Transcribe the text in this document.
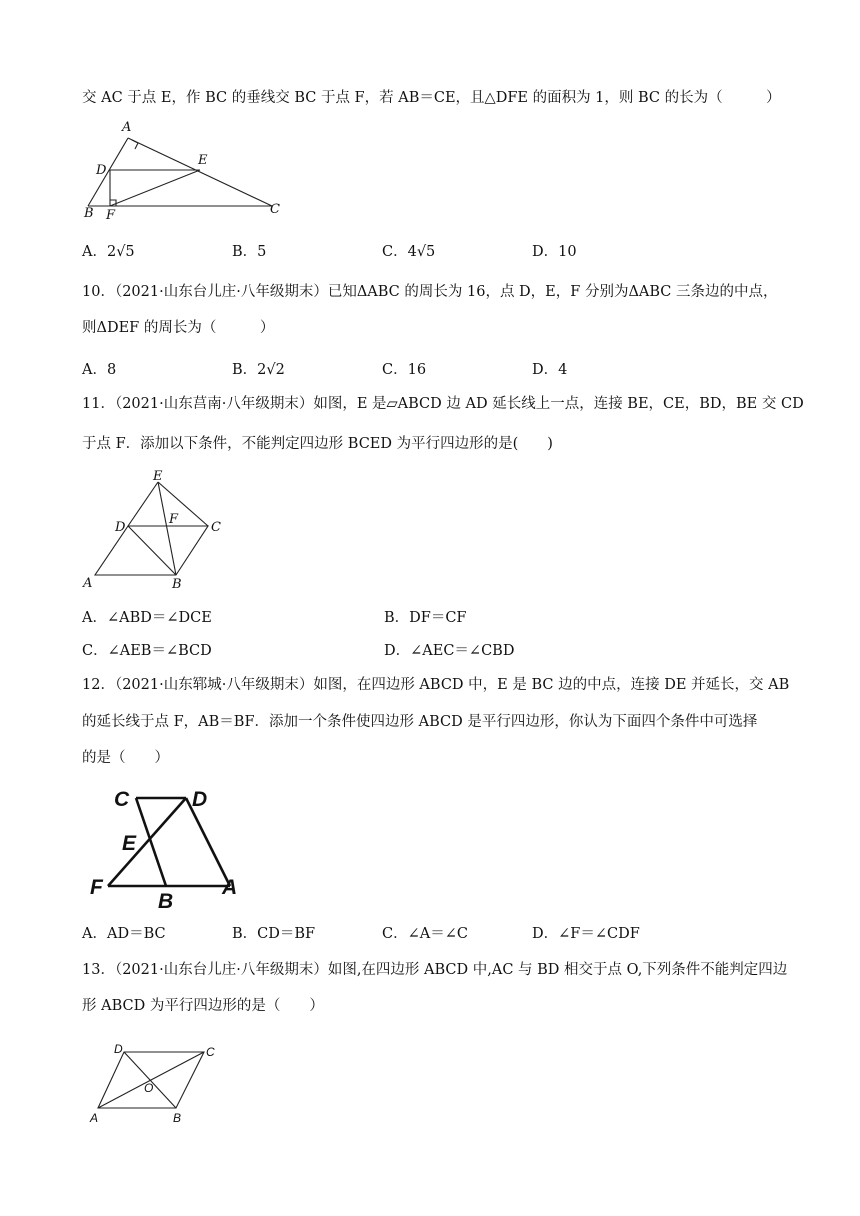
交 AC 于点 E，作 BC 的垂线交 BC 于点 F，若 AB＝CE，且△DFE 的面积为 1，则 BC 的长为（　　　）
A
D
E
B F	C
A．2√5	B．5	C．4√5	D．10
10．（2021·山东台儿庄·八年级期末）已知ΔABC 的周长为 16，点 D，E，F 分别为ΔABC 三条边的中点，
则ΔDEF 的周长为（　　　）
A．8	B．2√2	C．16	D．4
11．（2021·山东莒南·八年级期末）如图，E 是▱ABCD 边 AD 延长线上一点，连接 BE，CE，BD，BE 交 CD
于点 F．添加以下条件，不能判定四边形 BCED 为平行四边形的是(　　)
E
D
F
C
A	B
A．∠ABD＝∠DCE	B．DF＝CF
C．∠AEB＝∠BCD	D．∠AEC＝∠CBD
12．（2021·山东郓城·八年级期末）如图，在四边形 ABCD 中，E 是 BC 边的中点，连接 DE 并延长，交 AB
的延长线于点 F，AB＝BF．添加一个条件使四边形 ABCD 是平行四边形，你认为下面四个条件中可选择
的是（　　）
C	D
E
F
B
A
A．AD＝BC	B．CD＝BF	C．∠A＝∠C	D．∠F＝∠CDF
13．（2021·山东台儿庄·八年级期末）如图,在四边形 ABCD 中,AC 与 BD 相交于点 O,下列条件不能判定四边
形 ABCD 为平行四边形的是（　　）
D	C
O
A	B
